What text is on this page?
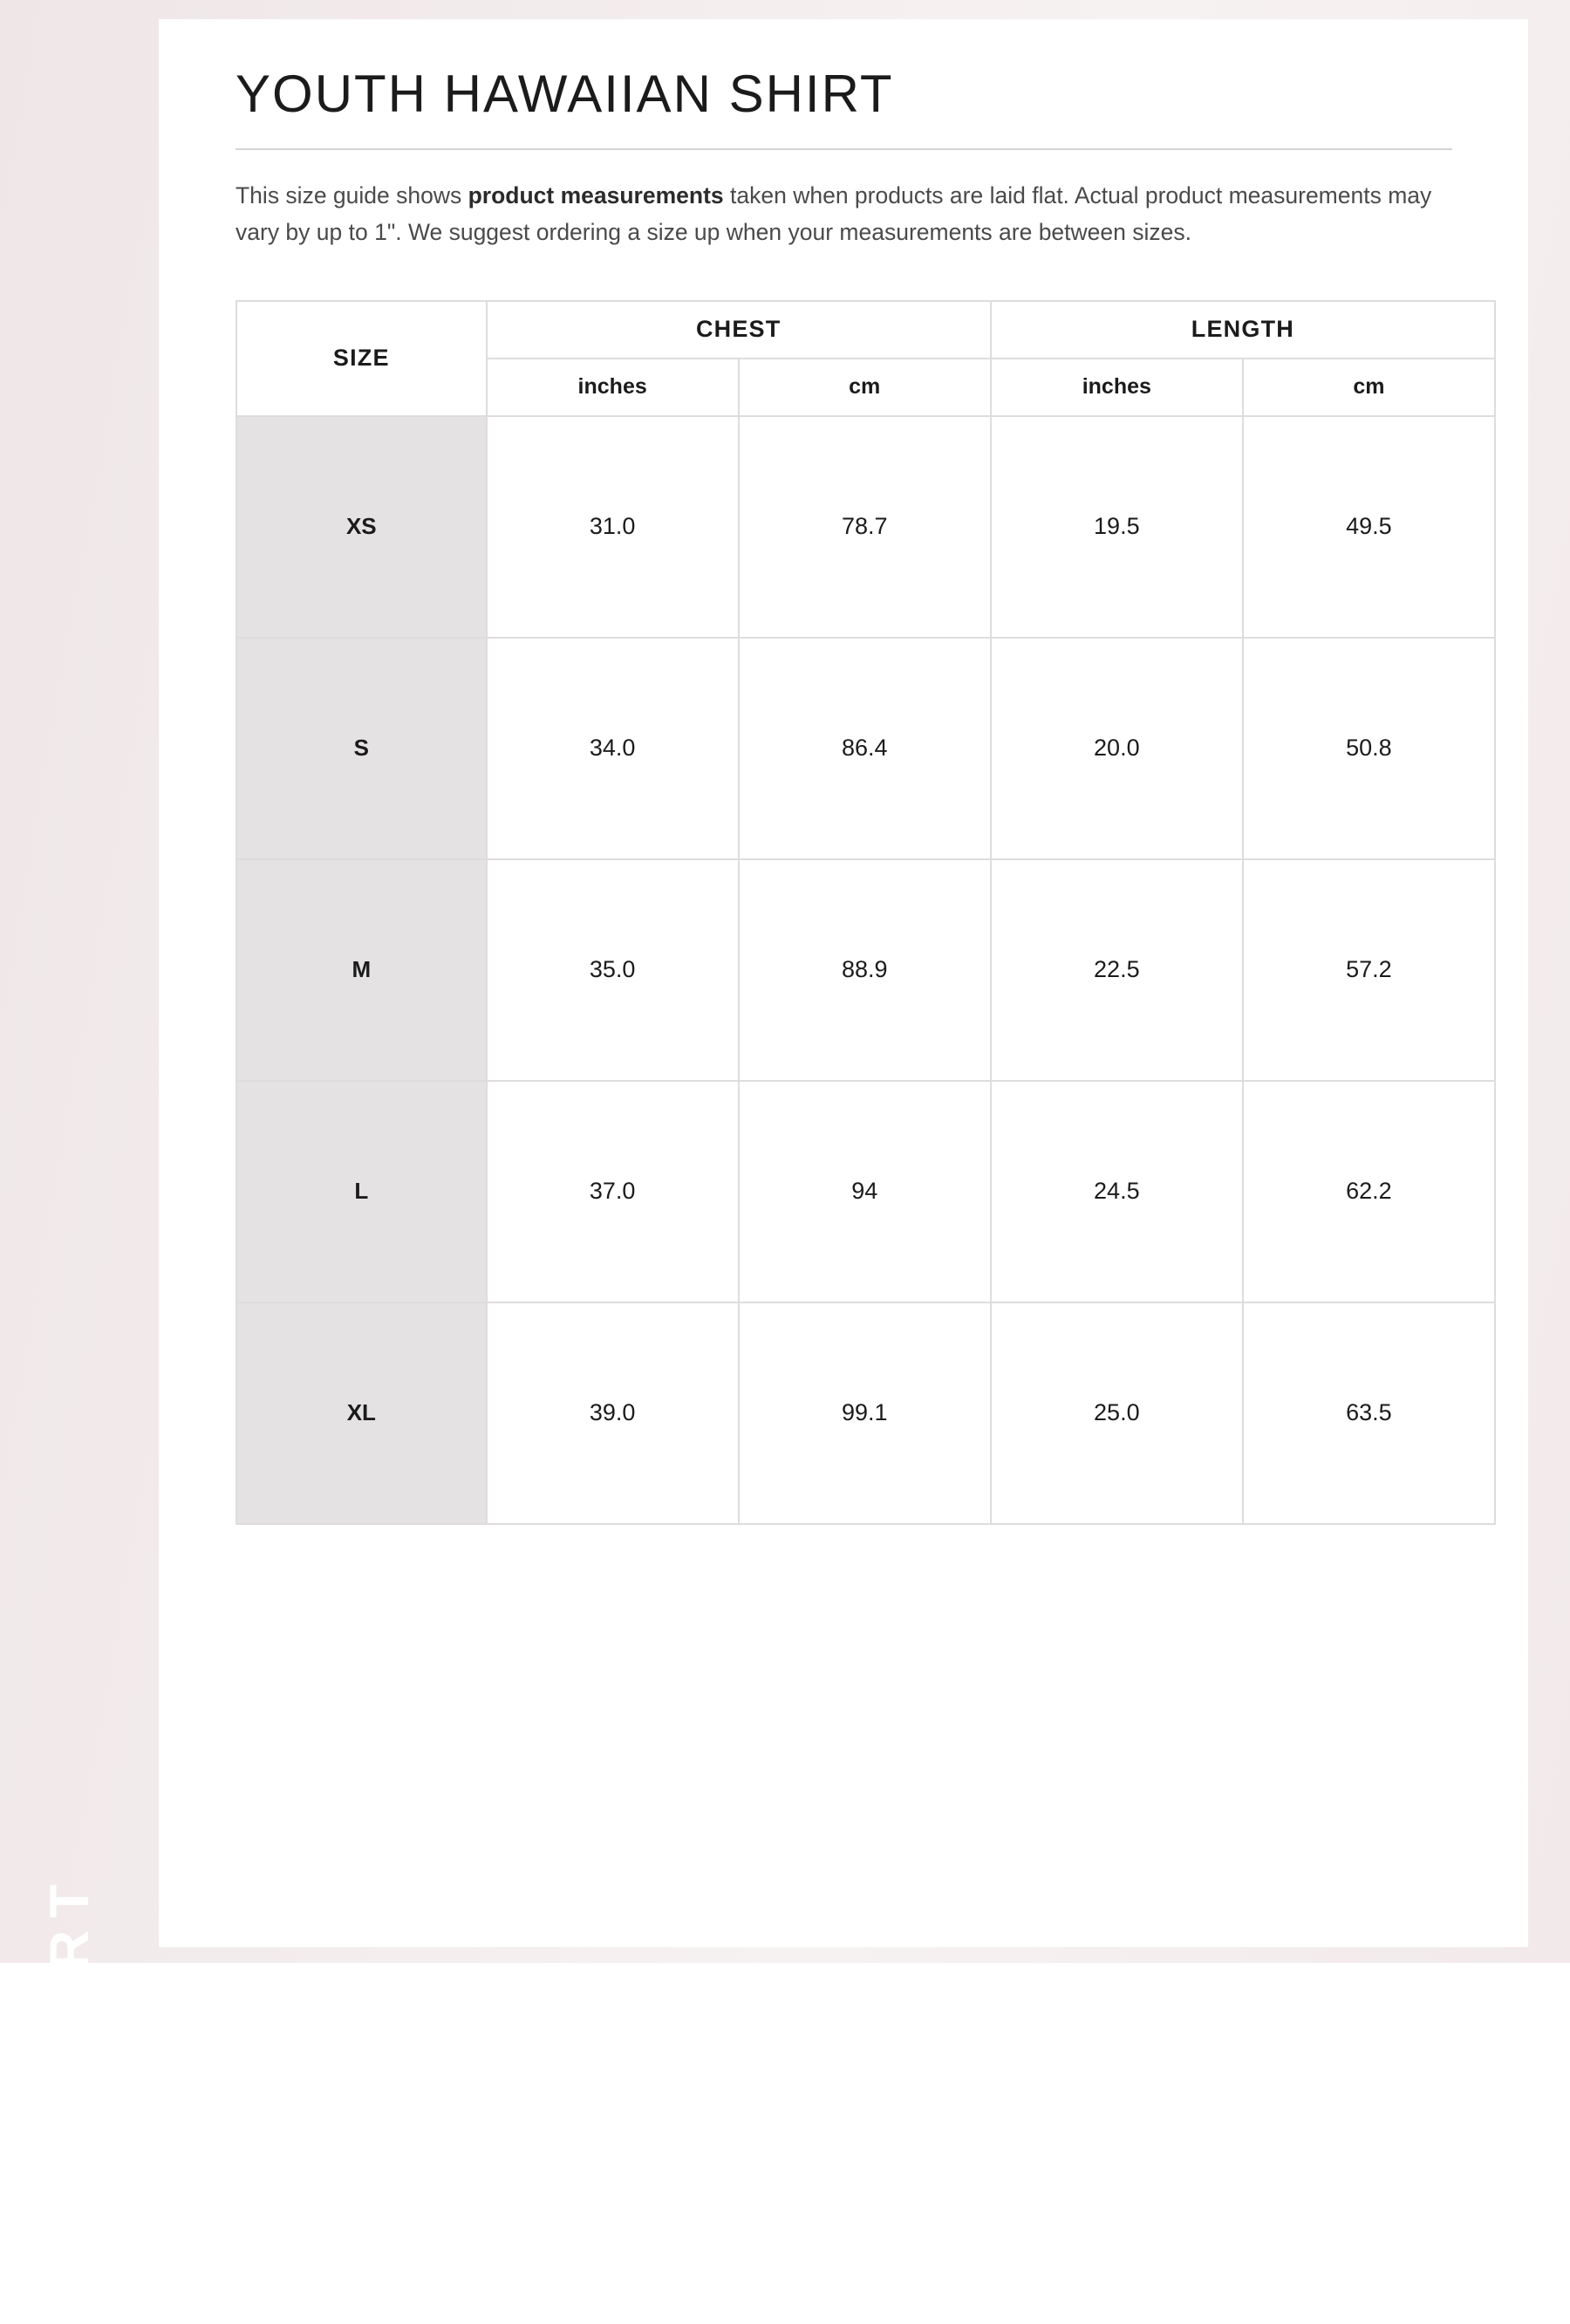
SIZE CHART
YOUTH HAWAIIAN SHIRT

This size guide shows product measurements taken when products are laid flat. Actual product measurements may vary by up to 1". We suggest ordering a size up when your measurements are between sizes.

SIZE	CHEST		LENGTH	
	inches	cm	inches	cm
XS	31.0	78.7	19.5	49.5
S	34.0	86.4	20.0	50.8
M	35.0	88.9	22.5	57.2
L	37.0	94	24.5	62.2
XL	39.0	99.1	25.0	63.5
